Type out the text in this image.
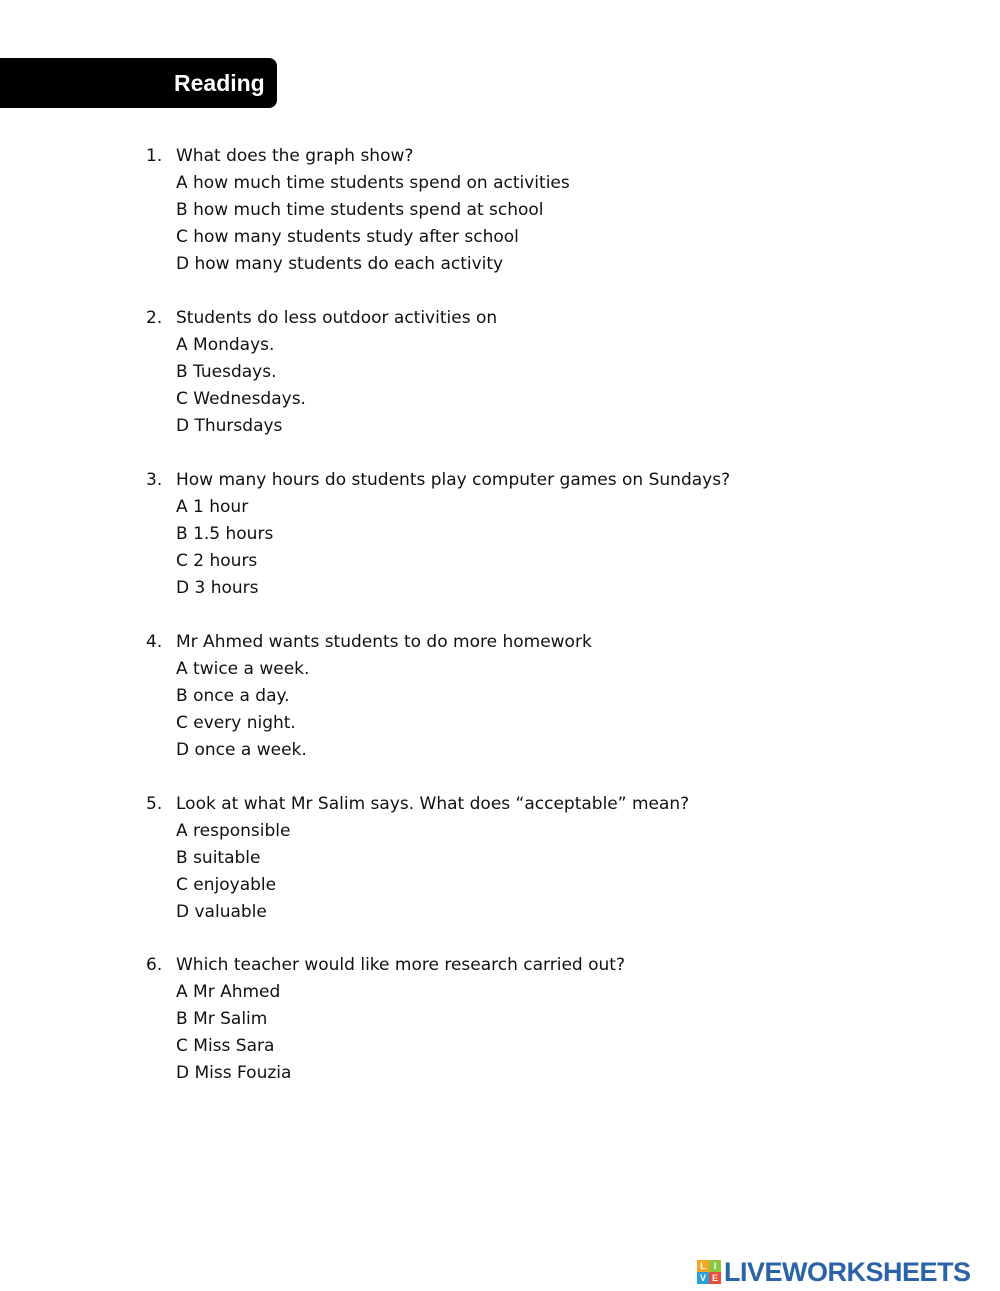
Reading
1. What does the graph show?
A how much time students spend on activities
B how much time students spend at school
C how many students study after school
D how many students do each activity
2. Students do less outdoor activities on
A Mondays.
B Tuesdays.
C Wednesdays.
D Thursdays
3. How many hours do students play computer games on Sundays?
A 1 hour
B 1.5 hours
C 2 hours
D 3 hours
4. Mr Ahmed wants students to do more homework
A twice a week.
B once a day.
C every night.
D once a week.
5. Look at what Mr Salim says. What does “acceptable” mean?
A responsible
B suitable
C enjoyable
D valuable
6. Which teacher would like more research carried out?
A Mr Ahmed
B Mr Salim
C Miss Sara
D Miss Fouzia
L I
V E LIVEWORKSHEETS
